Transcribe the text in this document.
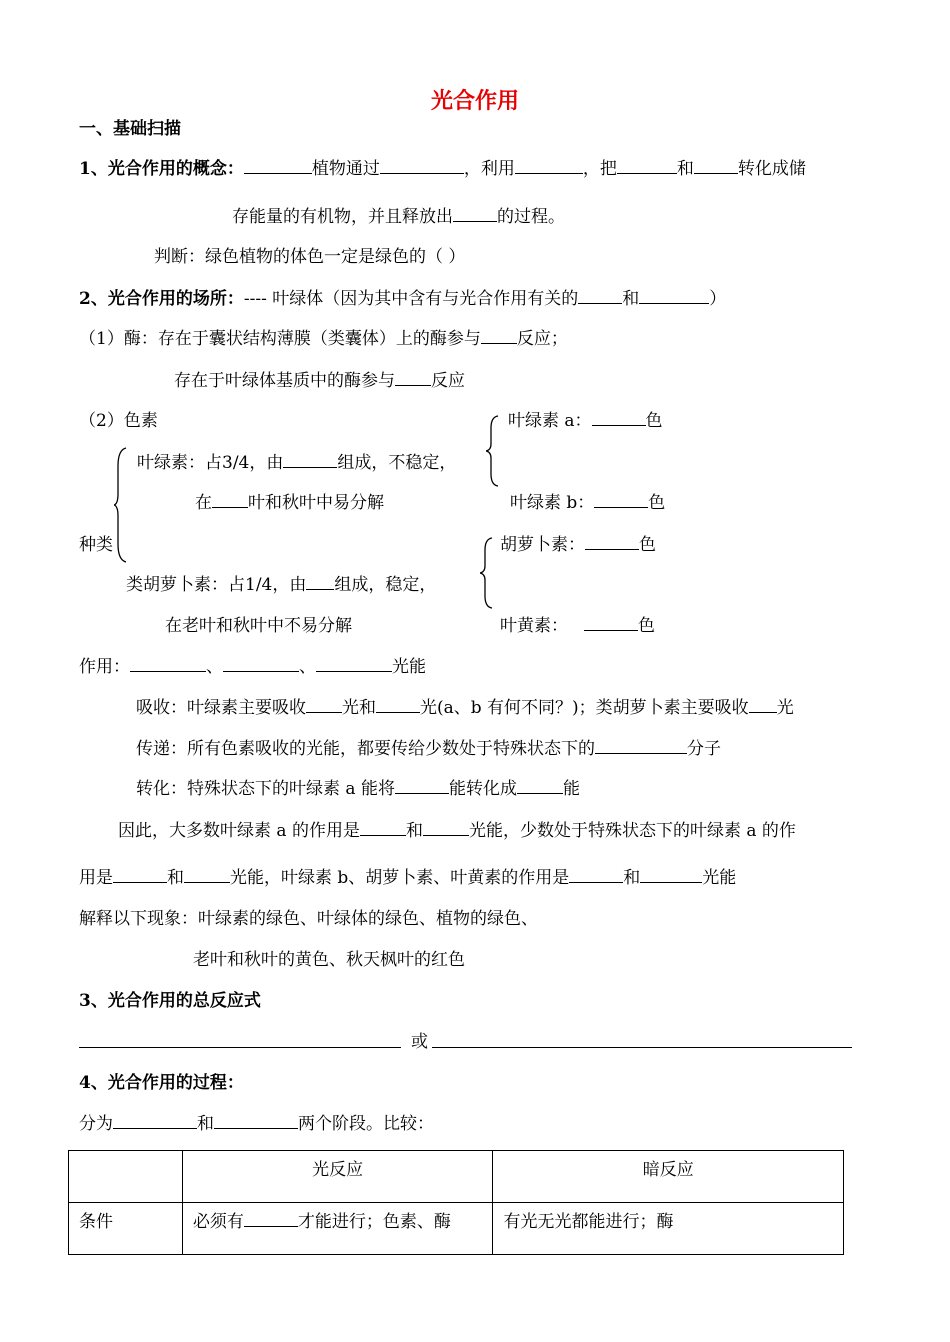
光合作用
一、基础扫描
1、光合作用的概念：	植物通过	，利用	，把	和	转化成储
存能量的有机物，并且释放出	的过程。
判断：绿色植物的体色一定是绿色的（ ）
2、光合作用的场所：---- 叶绿体（因为其中含有与光合作用有关的	和	）
（1）酶：存在于囊状结构薄膜（类囊体）上的酶参与 反应；
存在于叶绿体基质中的酶参与 反应
（2）色素	叶绿素 a：	色
叶绿素：占3/4，由	组成，不稳定，
在 叶和秋叶中易分解	叶绿素 b：	色
种类	胡萝卜素：	色
类胡萝卜素：占1/4，由 组成，稳定，
在老叶和秋叶中不易分解	叶黄素：	色
作用：	、	、	光能
吸收：叶绿素主要吸收 光和	光(a、b 有何不同？)；类胡萝卜素主要吸收 光
传递：所有色素吸收的光能，都要传给少数处于特殊状态下的	分子
转化：特殊状态下的叶绿素 a 能将	能转化成	能
因此，大多数叶绿素 a 的作用是	和	光能，少数处于特殊状态下的叶绿素 a 的作
用是	和	光能，叶绿素 b、胡萝卜素、叶黄素的作用是	和	光能
解释以下现象：叶绿素的绿色、叶绿体的绿色、植物的绿色、
老叶和秋叶的黄色、秋天枫叶的红色
3、光合作用的总反应式
或
4、光合作用的过程：
分为	和	两个阶段。比较：
	光反应	暗反应
条件	必须有 才能进行；色素、酶	有光无光都能进行；酶
